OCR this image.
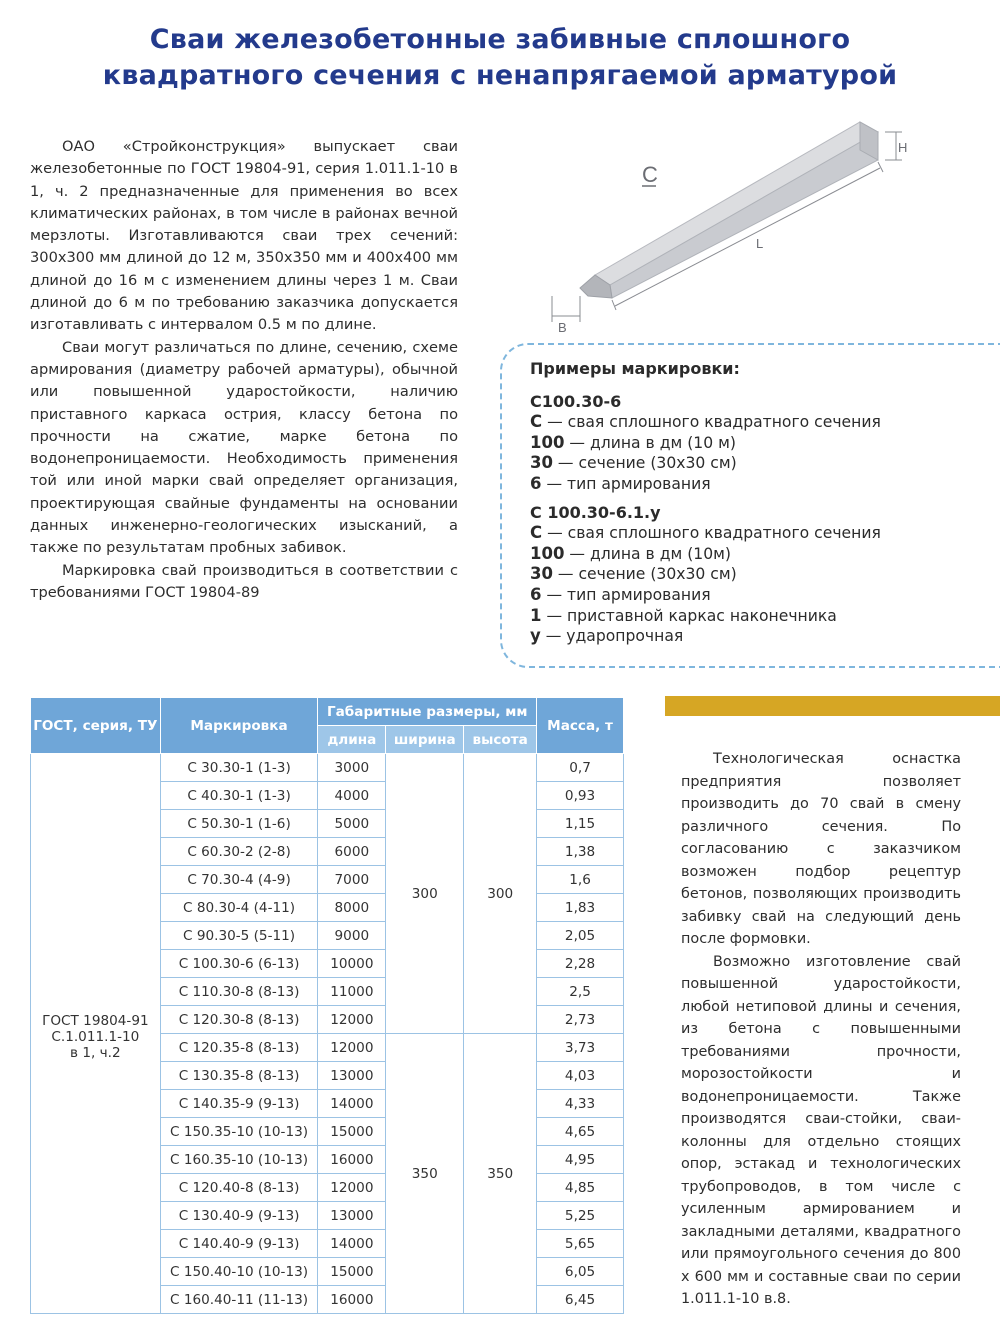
Сваи железобетонные забивные сплошного
квадратного сечения с ненапрягаемой арматурой

ОАО «Стройконструкция» выпускает сваи железобетонные по ГОСТ 19804-91, серия 1.011.1-10 в 1, ч. 2 предназначенные для применения во всех климатических районах, в том числе в районах вечной мерзлоты. Изготавливаются сваи трех сечений: 300х300 мм длиной до 12 м, 350х350 мм и 400х400 мм длиной до 16 м с изменением длины через 1 м. Сваи длиной до 6 м по требованию заказчика допускается изготавливать с интервалом 0.5 м по длине.

Сваи могут различаться по длине, сечению, схеме армирования (диаметру рабочей арматуры), обычной или повышенной ударостойкости, наличию приставного каркаса острия, классу бетона по прочности на сжатие, марке бетона по водонепроницаемости. Необходимость применения той или иной марки свай определяет организация, проектирующая свайные фундаменты на основании данных инженерно-геологических изысканий, а также по результатам пробных забивок.

Маркировка свай производиться в соответствии с требованиями ГОСТ 19804-89

С
H
L
B
Примеры маркировки:
С100.30-6
С — свая сплошного квадратного сечения
100 — длина в дм (10 м)
30 — сечение (30х30 см)
6 — тип армирования
С 100.30-6.1.у
С — свая сплошного квадратного сечения
100 — длина в дм (10м)
30 — сечение (30х30 см)
6 — тип армирования
1 — приставной каркас наконечника
у — ударопрочная

Технологическая оснастка предприятия позволяет производить до 70 свай в смену различного сечения. По согласованию с заказчиком возможен подбор рецептур бетонов, позволяющих производить забивку свай на следующий день после формовки.

Возможно изготовление свай повышенной ударостойкости, любой нетиповой длины и сечения, из бетона с повышенными требованиями прочности, морозостойкости и водонепроницаемости. Также производятся сваи-стойки, сваи-колонны для отдельно стоящих опор, эстакад и технологических трубопроводов, в том числе с усиленным армированием и закладными деталями, квадратного или прямоугольного сечения до 800 х 600 мм и составные сваи по серии 1.011.1-10 в.8.

ГОСТ, серия, ТУ	Маркировка	Габаритные размеры, мм			Масса, т
		длина	ширина	высота	

ГОСТ 19804-91
С.1.011.1-10
в 1, ч.2	С 30.30-1 (1-3)	3000	300	300	0,7
	С 40.30-1 (1-3)	4000			0,93
	С 50.30-1 (1-6)	5000			1,15
	С 60.30-2 (2-8)	6000			1,38
	С 70.30-4 (4-9)	7000			1,6
	С 80.30-4 (4-11)	8000			1,83
	С 90.30-5 (5-11)	9000			2,05
	С 100.30-6 (6-13)	10000			2,28
	С 110.30-8 (8-13)	11000			2,5
	С 120.30-8 (8-13)	12000			2,73
	С 120.35-8 (8-13)	12000	350	350	3,73
	С 130.35-8 (8-13)	13000			4,03
	С 140.35-9 (9-13)	14000			4,33
	С 150.35-10 (10-13)	15000			4,65
	С 160.35-10 (10-13)	16000			4,95
	С 120.40-8 (8-13)	12000			4,85
	С 130.40-9 (9-13)	13000			5,25
	С 140.40-9 (9-13)	14000			5,65
	С 150.40-10 (10-13)	15000			6,05
	С 160.40-11 (11-13)	16000			6,45
